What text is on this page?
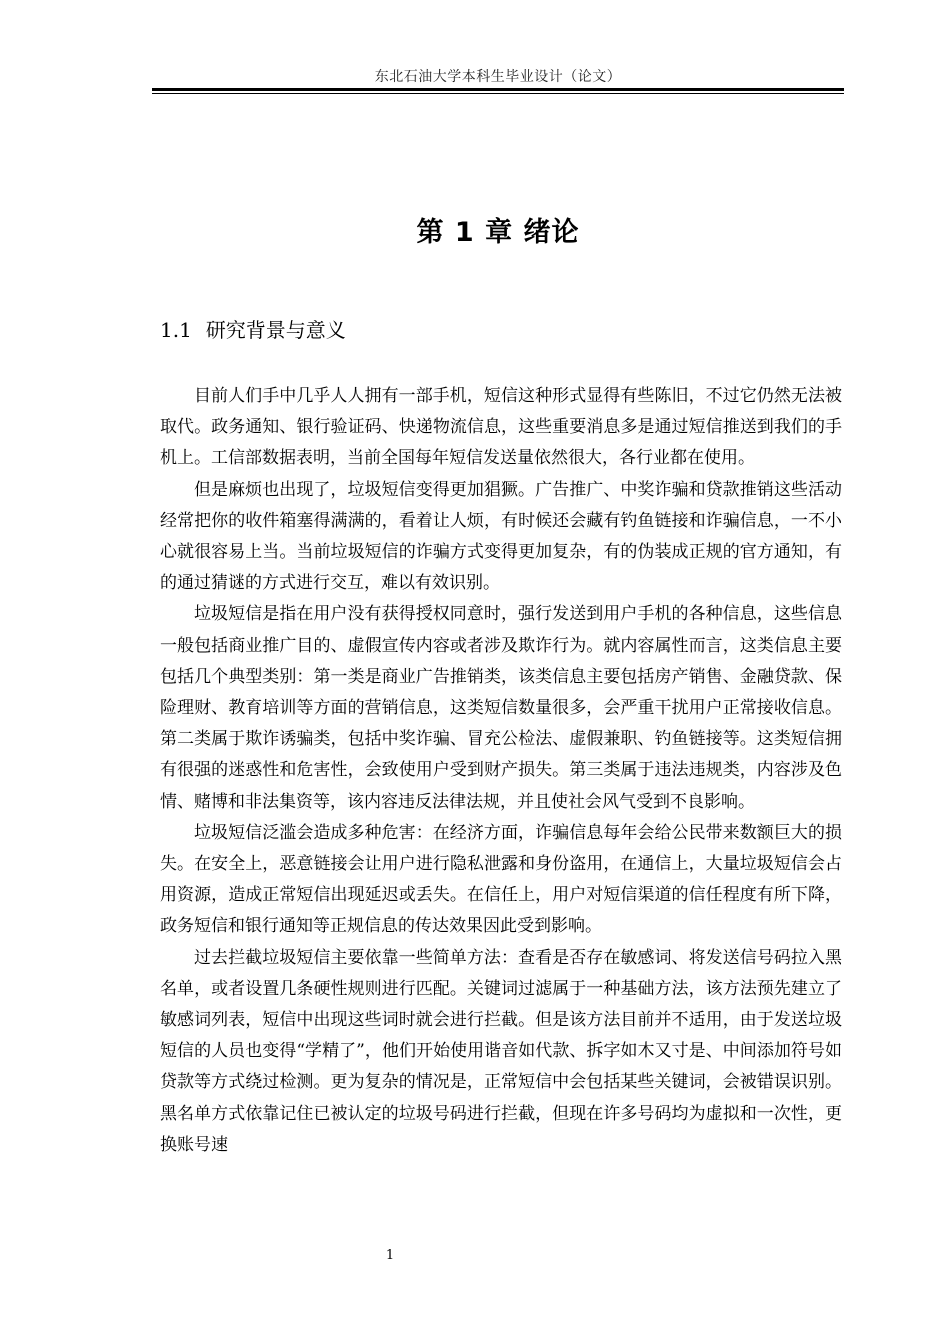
东北石油大学本科生毕业设计（论文）
第 1 章 绪论
1.1 研究背景与意义

目前人们手中几乎人人拥有一部手机，短信这种形式显得有些陈旧，不过它仍然无法被取代。政务通知、银行验证码、快递物流信息，这些重要消息多是通过短信推送到我们的手机上。工信部数据表明，当前全国每年短信发送量依然很大，各行业都在使用。

但是麻烦也出现了，垃圾短信变得更加猖獗。广告推广、中奖诈骗和贷款推销这些活动经常把你的收件箱塞得满满的，看着让人烦，有时候还会藏有钓鱼链接和诈骗信息，一不小心就很容易上当。当前垃圾短信的诈骗方式变得更加复杂，有的伪装成正规的官方通知，有的通过猜谜的方式进行交互，难以有效识别。

垃圾短信是指在用户没有获得授权同意时，强行发送到用户手机的各种信息，这些信息一般包括商业推广目的、虚假宣传内容或者涉及欺诈行为。就内容属性而言，这类信息主要包括几个典型类别：第一类是商业广告推销类，该类信息主要包括房产销售、金融贷款、保险理财、教育培训等方面的营销信息，这类短信数量很多，会严重干扰用户正常接收信息。第二类属于欺诈诱骗类，包括中奖诈骗、冒充公检法、虚假兼职、钓鱼链接等。这类短信拥有很强的迷惑性和危害性，会致使用户受到财产损失。第三类属于违法违规类，内容涉及色情、赌博和非法集资等，该内容违反法律法规，并且使社会风气受到不良影响。

垃圾短信泛滥会造成多种危害：在经济方面，诈骗信息每年会给公民带来数额巨大的损失。在安全上，恶意链接会让用户进行隐私泄露和身份盗用，在通信上，大量垃圾短信会占用资源，造成正常短信出现延迟或丢失。在信任上，用户对短信渠道的信任程度有所下降，政务短信和银行通知等正规信息的传达效果因此受到影响。

过去拦截垃圾短信主要依靠一些简单方法：查看是否存在敏感词、将发送信号码拉入黑名单，或者设置几条硬性规则进行匹配。关键词过滤属于一种基础方法，该方法预先建立了敏感词列表，短信中出现这些词时就会进行拦截。但是该方法目前并不适用，由于发送垃圾短信的人员也变得“学精了”，他们开始使用谐音如代款、拆字如木又寸是、中间添加符号如贷款等方式绕过检测。更为复杂的情况是，正常短信中会包括某些关键词，会被错误识别。黑名单方式依靠记住已被认定的垃圾号码进行拦截，但现在许多号码均为虚拟和一次性，更换账号速

1
